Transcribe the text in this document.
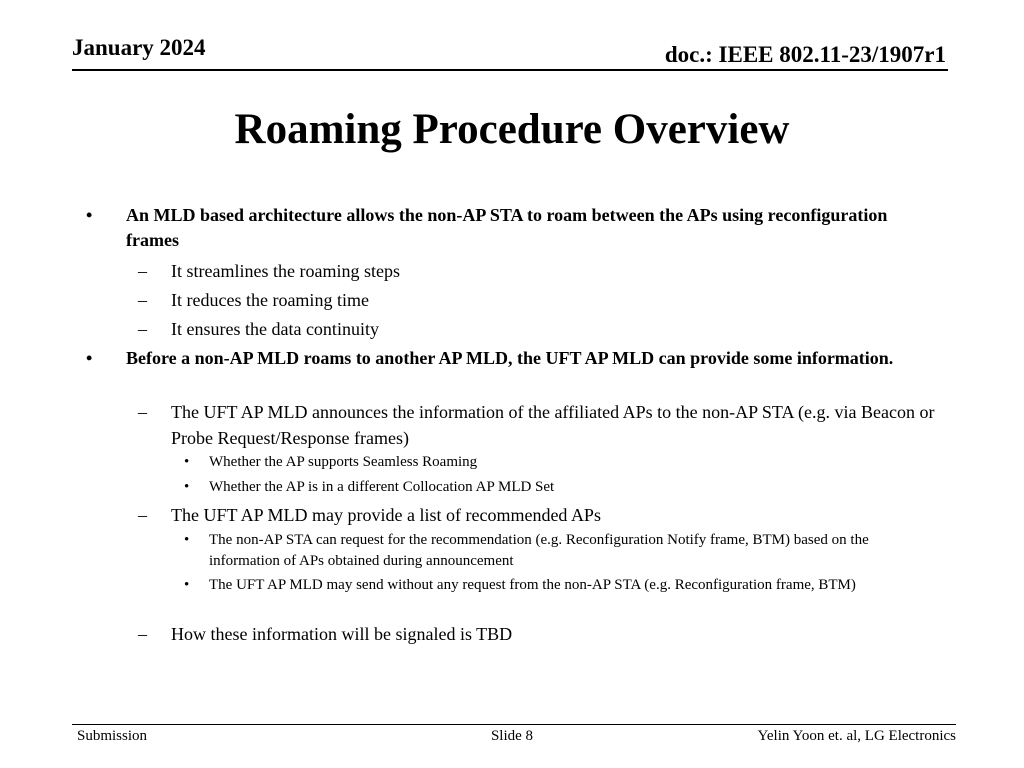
January 2024	doc.: IEEE 802.11-23/1907r1
Roaming Procedure Overview
• An MLD based architecture allows the non-AP STA to roam between the APs using reconfiguration frames
– It streamlines the roaming steps
– It reduces the roaming time
– It ensures the data continuity
• Before a non-AP MLD roams to another AP MLD, the UFT AP MLD can provide some information.
– The UFT AP MLD announces the information of the affiliated APs to the non-AP STA (e.g. via Beacon or Probe Request/Response frames)
• Whether the AP supports Seamless Roaming
• Whether the AP is in a different Collocation AP MLD Set
– The UFT AP MLD may provide a list of recommended APs
• The non-AP STA can request for the recommendation (e.g. Reconfiguration Notify frame, BTM) based on the information of APs obtained during announcement
• The UFT AP MLD may send without any request from the non-AP STA (e.g. Reconfiguration frame, BTM)
– How these information will be signaled is TBD
Submission	Slide 8	Yelin Yoon et. al, LG Electronics
